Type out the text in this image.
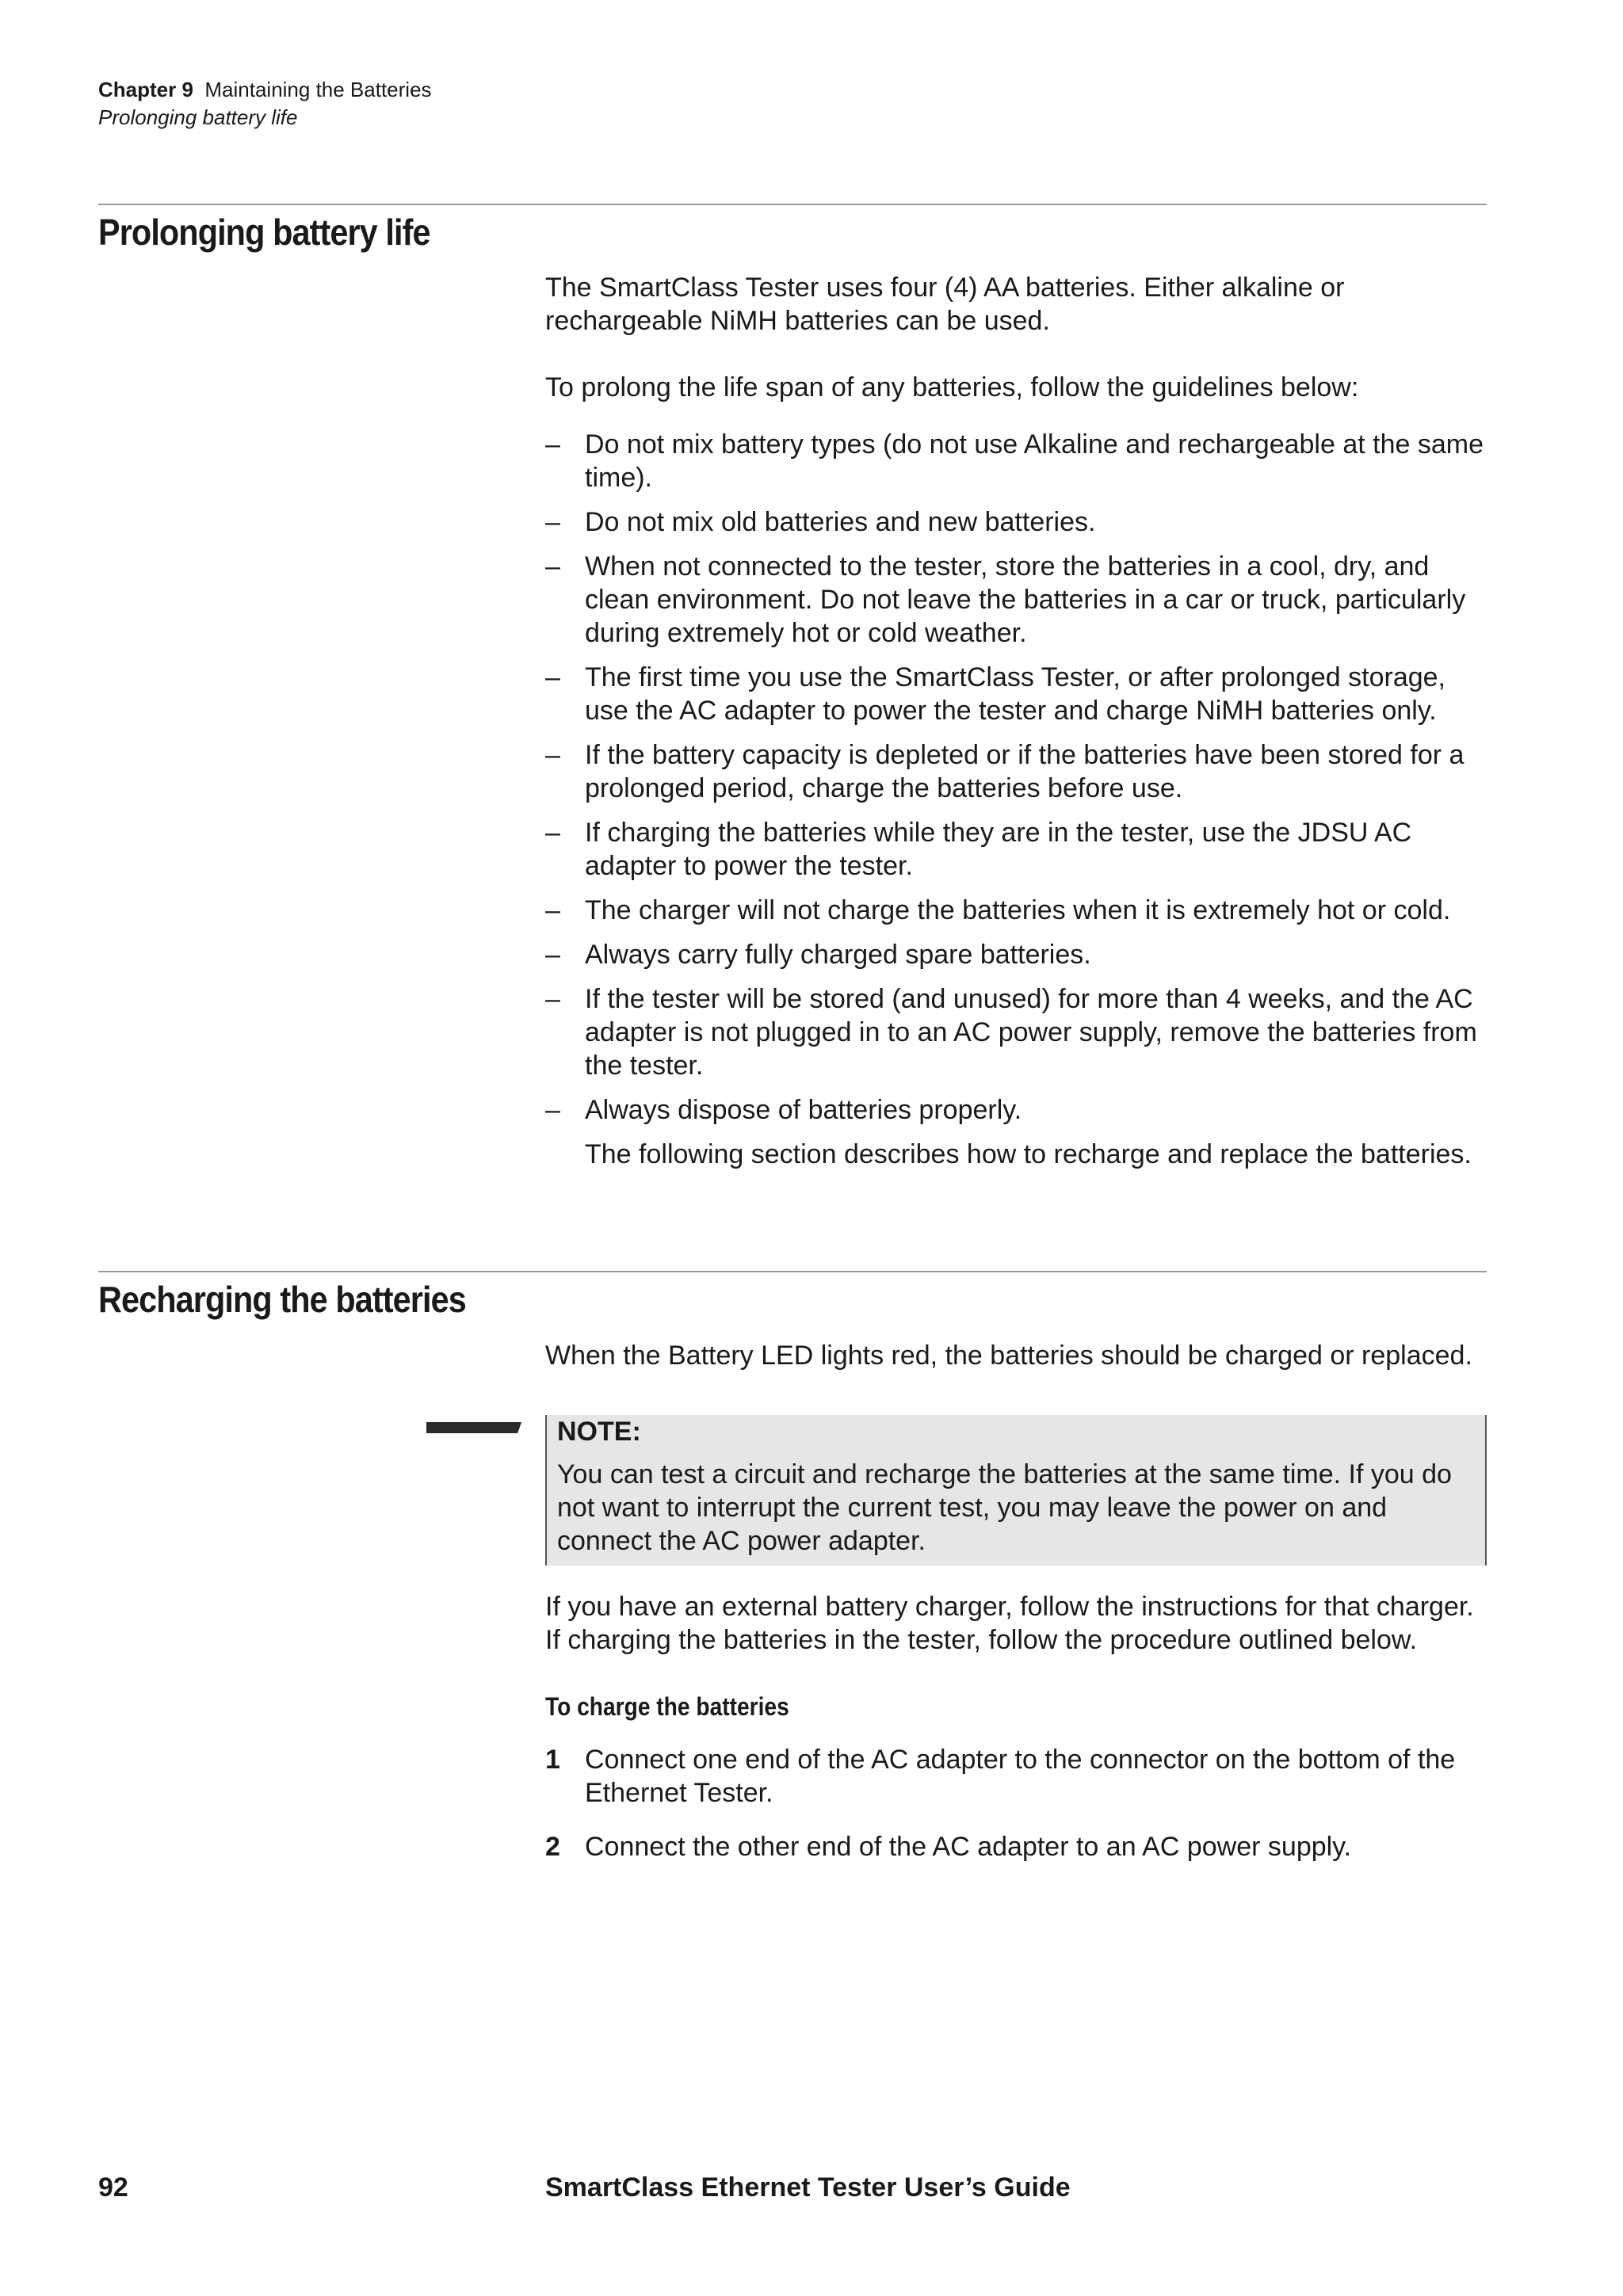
Chapter 9 Maintaining the Batteries
Prolonging battery life
Prolonging battery life

The SmartClass Tester uses four (4) AA batteries. Either alkaline or rechargeable NiMH batteries can be used.

To prolong the life span of any batteries, follow the guidelines below:

– Do not mix battery types (do not use Alkaline and rechargeable at the same time).
– Do not mix old batteries and new batteries.
– When not connected to the tester, store the batteries in a cool, dry, and clean environment. Do not leave the batteries in a car or truck, particularly during extremely hot or cold weather.
– The first time you use the SmartClass Tester, or after prolonged storage, use the AC adapter to power the tester and charge NiMH batteries only.
– If the battery capacity is depleted or if the batteries have been stored for a prolonged period, charge the batteries before use.
– If charging the batteries while they are in the tester, use the JDSU AC adapter to power the tester.
– The charger will not charge the batteries when it is extremely hot or cold.
– Always carry fully charged spare batteries.
– If the tester will be stored (and unused) for more than 4 weeks, and the AC adapter is not plugged in to an AC power supply, remove the batteries from the tester.
– Always dispose of batteries properly.

The following section describes how to recharge and replace the batteries.

Recharging the batteries
When the Battery LED lights red, the batteries should be charged or replaced.
NOTE:
You can test a circuit and recharge the batteries at the same time. If you do not want to interrupt the current test, you may leave the power on and connect the AC power adapter.
If you have an external battery charger, follow the instructions for that charger. If charging the batteries in the tester, follow the procedure outlined below.
To charge the batteries
1 Connect one end of the AC adapter to the connector on the bottom of the Ethernet Tester.
2 Connect the other end of the AC adapter to an AC power supply.
92	SmartClass Ethernet Tester User’s Guide
